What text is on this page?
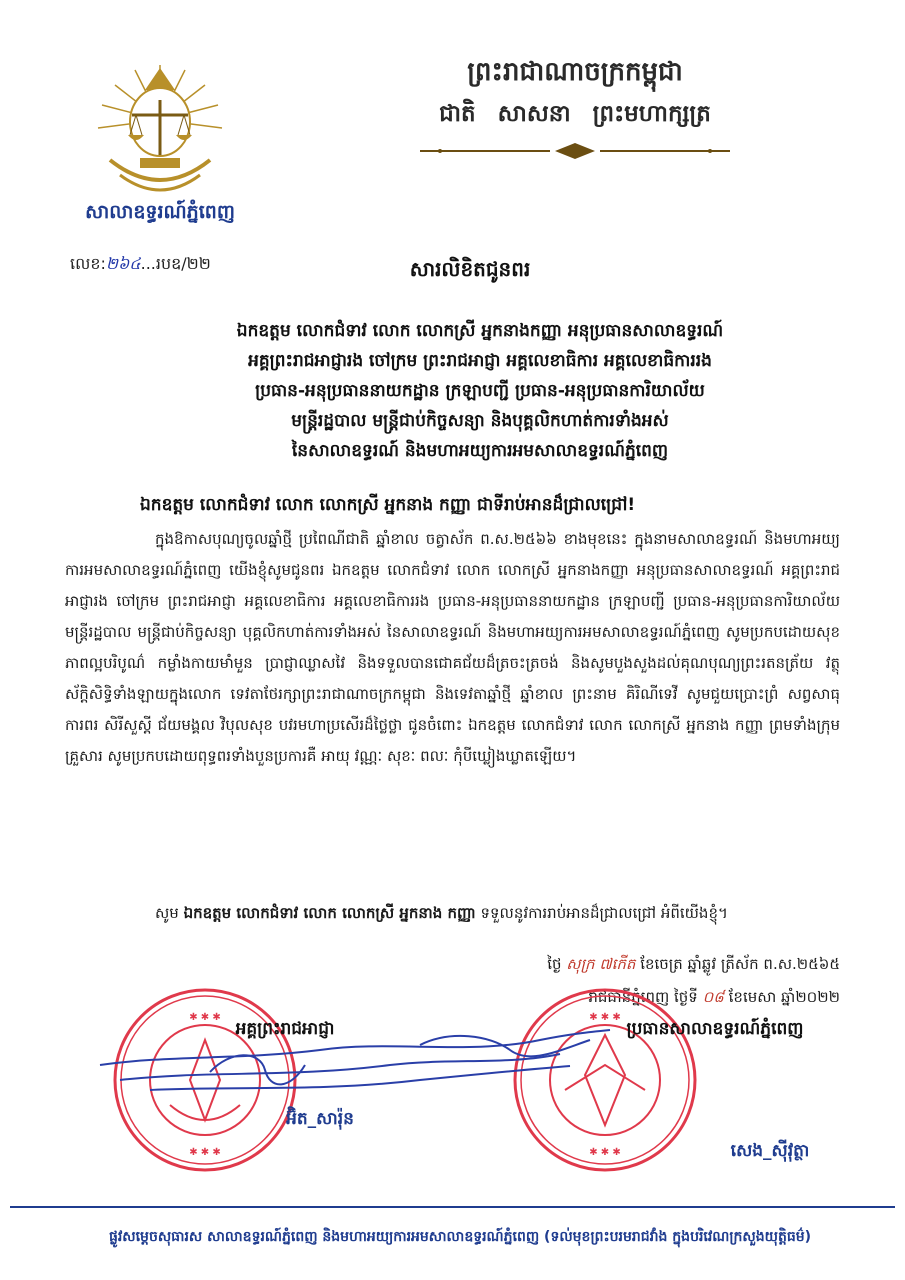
សាលាឧទ្ធរណ៍ភ្នំពេញ
ព្រះរាជាណាចក្រកម្ពុជា
ជាតិ សាសនា ព្រះមហាក្សត្រ
លេខ:២៦៤...របឧ/២២	សារលិខិតជូនពរ
ឯកឧត្តម លោកជំទាវ លោក លោកស្រី អ្នកនាងកញ្ញា អនុប្រធានសាលាឧទ្ធរណ៍
អគ្គព្រះរាជអាជ្ញារង ចៅក្រម ព្រះរាជអាជ្ញា អគ្គលេខាធិការ អគ្គលេខាធិការរង
ប្រធាន-អនុប្រធាននាយកដ្ឋាន ក្រឡាបញ្ជី ប្រធាន-អនុប្រធានការិយាល័យ
មន្ត្រីរដ្ឋបាល មន្ត្រីជាប់កិច្ចសន្យា និងបុគ្គលិកហាត់ការទាំងអស់
នៃសាលាឧទ្ធរណ៍ និងមហាអយ្យការអមសាលាឧទ្ធរណ៍ភ្នំពេញ
ឯកឧត្តម លោកជំទាវ លោក លោកស្រី អ្នកនាង កញ្ញា ជាទីរាប់អានដ៏ជ្រាលជ្រៅ!
ក្នុងឱកាសបុណ្យចូលឆ្នាំថ្មី ប្រពៃណីជាតិ ឆ្នាំខាល ចត្វាស័ក ព.ស.២៥៦៦ ខាងមុខនេះ ក្នុងនាមសាលាឧទ្ធរណ៍ និងមហាអយ្យការអមសាលាឧទ្ធរណ៍ភ្នំពេញ យើងខ្ញុំសូមជូនពរ ឯកឧត្តម លោកជំទាវ លោក លោកស្រី អ្នកនាងកញ្ញា អនុប្រធានសាលាឧទ្ធរណ៍ អគ្គព្រះរាជអាជ្ញារង ចៅក្រម ព្រះរាជអាជ្ញា អគ្គលេខាធិការ អគ្គលេខាធិការរង ប្រធាន-អនុប្រធាននាយកដ្ឋាន ក្រឡាបញ្ជី ប្រធាន-អនុប្រធានការិយាល័យ មន្ត្រីរដ្ឋបាល មន្ត្រីជាប់កិច្ចសន្យា បុគ្គលិកហាត់ការទាំងអស់ នៃសាលាឧទ្ធរណ៍ និងមហាអយ្យការអមសាលាឧទ្ធរណ៍ភ្នំពេញ សូមប្រកបដោយសុខភាពល្អបរិបូណ៌ កម្លាំងកាយមាំមួន ប្រាជ្ញាឈ្លាសវៃ និងទទួលបានជោគជ័យដ៏ត្រចះត្រចង់ និងសូមបួងសួងដល់គុណបុណ្យព្រះរតនត្រ័យ វត្ថុស័ក្តិសិទ្ធិទាំងឡាយក្នុងលោក ទេវតាថែរក្សាព្រះរាជាណាចក្រកម្ពុជា និងទេវតាឆ្នាំថ្មី ឆ្នាំខាល ព្រះនាម គិរិណីទេវី សូមជួយប្រោះព្រំ សព្វសាធុការពរ សិរីសួស្តី ជ័យមង្គល វិបុលសុខ បវរមហាប្រសើរដ៏ថ្លៃថ្លា ជូនចំពោះ ឯកឧត្តម លោកជំទាវ លោក លោកស្រី អ្នកនាង កញ្ញា ព្រមទាំងក្រុមគ្រួសារ សូមប្រកបដោយពុទ្ធពរទាំងបួនប្រការគឺ អាយុ វណ្ណៈ សុខៈ ពលៈ កុំបីឃ្លៀងឃ្លាតឡើយ។
សូម ឯកឧត្តម លោកជំទាវ លោក លោកស្រី អ្នកនាង កញ្ញា ទទួលនូវការរាប់អានដ៏ជ្រាលជ្រៅ អំពីយើងខ្ញុំ។
ថ្ងៃ សុក្រ ៧កើត ខែចេត្រ ឆ្នាំឆ្លូវ ត្រីស័ក ព.ស.២៥៦៥
រាជធានីភ្នំពេញ ថ្ងៃទី ០៨ ខែមេសា ឆ្នាំ២០២២
✱ ✱ ✱
✱ ✱ ✱
✱ ✱ ✱
✱ ✱ ✱
អគ្គព្រះរាជអាជ្ញា	ប្រធានសាលាឧទ្ធរណ៍ភ្នំពេញ
អ៊ិត_សារ៉ុន
សេង_ស៊ីវុត្ថា
ផ្លូវសម្តេចសុធារស សាលាឧទ្ធរណ៍ភ្នំពេញ និងមហាអយ្យការអមសាលាឧទ្ធរណ៍ភ្នំពេញ (ទល់មុខព្រះបរមរាជវាំង ក្នុងបរិវេណក្រសួងយុត្តិធម៌)
